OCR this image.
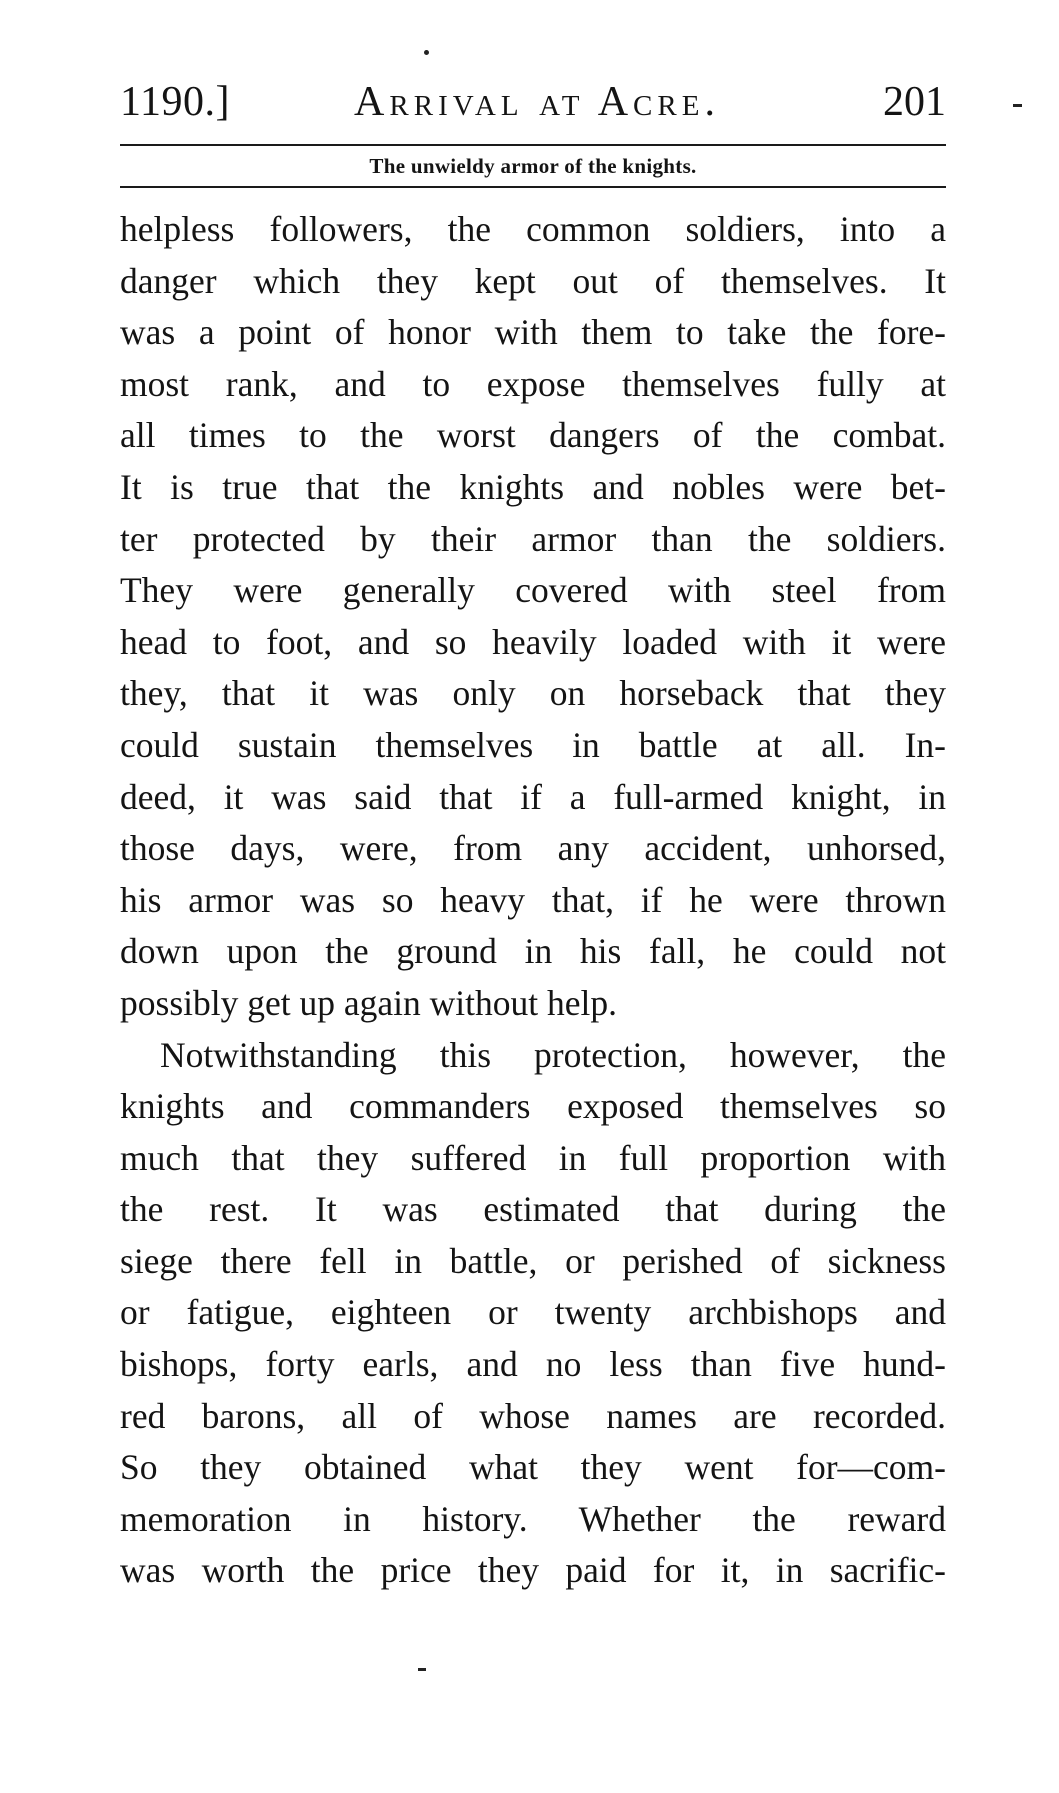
1190.]	Arrival at Acre.	201
The unwieldy armor of the knights.
helpless followers, the common soldiers, into a
danger which they kept out of themselves. It
was a point of honor with them to take the fore-
most rank, and to expose themselves fully at
all times to the worst dangers of the combat.
It is true that the knights and nobles were bet-
ter protected by their armor than the soldiers.
They were generally covered with steel from
head to foot, and so heavily loaded with it were
they, that it was only on horseback that they
could sustain themselves in battle at all. In-
deed, it was said that if a full-armed knight, in
those days, were, from any accident, unhorsed,
his armor was so heavy that, if he were thrown
down upon the ground in his fall, he could not
possibly get up again without help.
Notwithstanding this protection, however, the
knights and commanders exposed themselves so
much that they suffered in full proportion with
the rest. It was estimated that during the
siege there fell in battle, or perished of sickness
or fatigue, eighteen or twenty archbishops and
bishops, forty earls, and no less than five hund-
red barons, all of whose names are recorded.
So they obtained what they went for—com-
memoration in history. Whether the reward
was worth the price they paid for it, in sacrific-
